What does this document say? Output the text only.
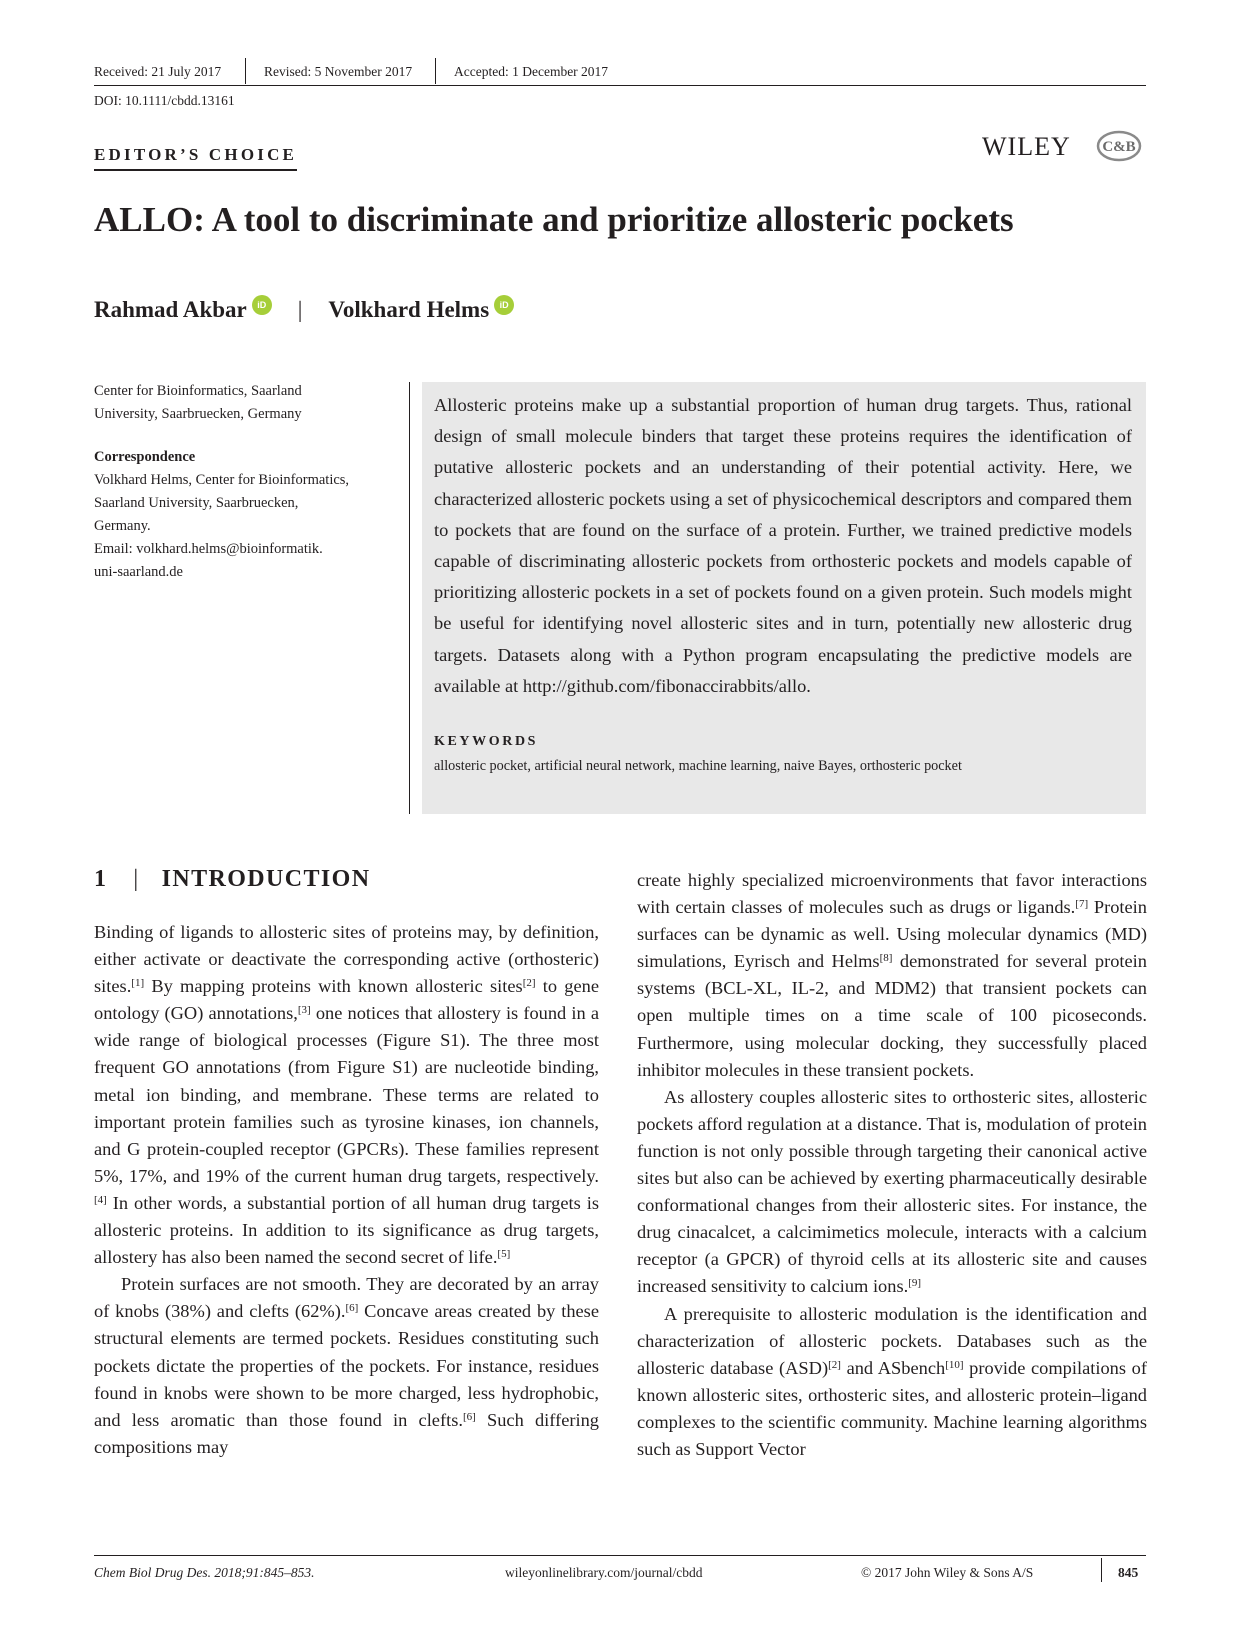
Received: 21 July 2017	Revised: 5 November 2017	Accepted: 1 December 2017
DOI: 10.1111/cbdd.13161
EDITOR’S CHOICE	WILEY C&B
ALLO: A tool to discriminate and prioritize allosteric pockets
Rahmad Akbar	iD | Volkhard Helms	iD
Center for Bioinformatics, Saarland
University, Saarbruecken, Germany
Correspondence
Volkhard Helms, Center for Bioinformatics,
Saarland University, Saarbruecken,
Germany.
Email: volkhard.helms@bioinformatik.
uni-saarland.de

Allosteric proteins make up a substantial proportion of human drug targets. Thus, rational design of small molecule binders that target these proteins requires the identification of putative allosteric pockets and an understanding of their potential activity. Here, we characterized allosteric pockets using a set of physicochemical descriptors and compared them to pockets that are found on the surface of a protein. Further, we trained predictive models capable of discriminating allosteric pockets from orthosteric pockets and models capable of prioritizing allosteric pockets in a set of pockets found on a given protein. Such models might be useful for identifying novel allosteric sites and in turn, potentially new allosteric drug targets. Datasets along with a Python program encapsulating the predictive models are available at http://github.com/fibonaccirabbits/allo.

KEYWORDS
allosteric pocket, artificial neural network, machine learning, naive Bayes, orthosteric pocket
1 | INTRODUCTION

Binding of ligands to allosteric sites of proteins may, by definition, either activate or deactivate the corresponding active (orthosteric) sites.[1] By mapping proteins with known allosteric sites[2] to gene ontology (GO) annotations,[3] one notices that allostery is found in a wide range of biological processes (Figure S1). The three most frequent GO annotations (from Figure S1) are nucleotide binding, metal ion binding, and membrane. These terms are related to important protein families such as tyrosine kinases, ion channels, and G protein-coupled receptor (GPCRs). These families represent 5%, 17%, and 19% of the current human drug targets, respectively.[4] In other words, a substantial portion of all human drug targets is allosteric proteins. In addition to its significance as drug targets, allostery has also been named the second secret of life.[5]

Protein surfaces are not smooth. They are decorated by an array of knobs (38%) and clefts (62%).[6] Concave areas created by these structural elements are termed pockets. Residues constituting such pockets dictate the properties of the pockets. For instance, residues found in knobs were shown to be more charged, less hydrophobic, and less aromatic than those found in clefts.[6] Such differing compositions may

create highly specialized microenvironments that favor interactions with certain classes of molecules such as drugs or ligands.[7] Protein surfaces can be dynamic as well. Using molecular dynamics (MD) simulations, Eyrisch and Helms[8] demonstrated for several protein systems (BCL-XL, IL-2, and MDM2) that transient pockets can open multiple times on a time scale of 100 picoseconds. Furthermore, using molecular docking, they successfully placed inhibitor molecules in these transient pockets.

As allostery couples allosteric sites to orthosteric sites, allosteric pockets afford regulation at a distance. That is, modulation of protein function is not only possible through targeting their canonical active sites but also can be achieved by exerting pharmaceutically desirable conformational changes from their allosteric sites. For instance, the drug cinacalcet, a calcimimetics molecule, interacts with a calcium receptor (a GPCR) of thyroid cells at its allosteric site and causes increased sensitivity to calcium ions.[9]

A prerequisite to allosteric modulation is the identification and characterization of allosteric pockets. Databases such as the allosteric database (ASD)[2] and ASbench[10] provide compilations of known allosteric sites, orthosteric sites, and allosteric protein–ligand complexes to the scientific community. Machine learning algorithms such as Support Vector

Chem Biol Drug Des. 2018;91:845–853.	wileyonlinelibrary.com/journal/cbdd	© 2017 John Wiley & Sons A/S	845
